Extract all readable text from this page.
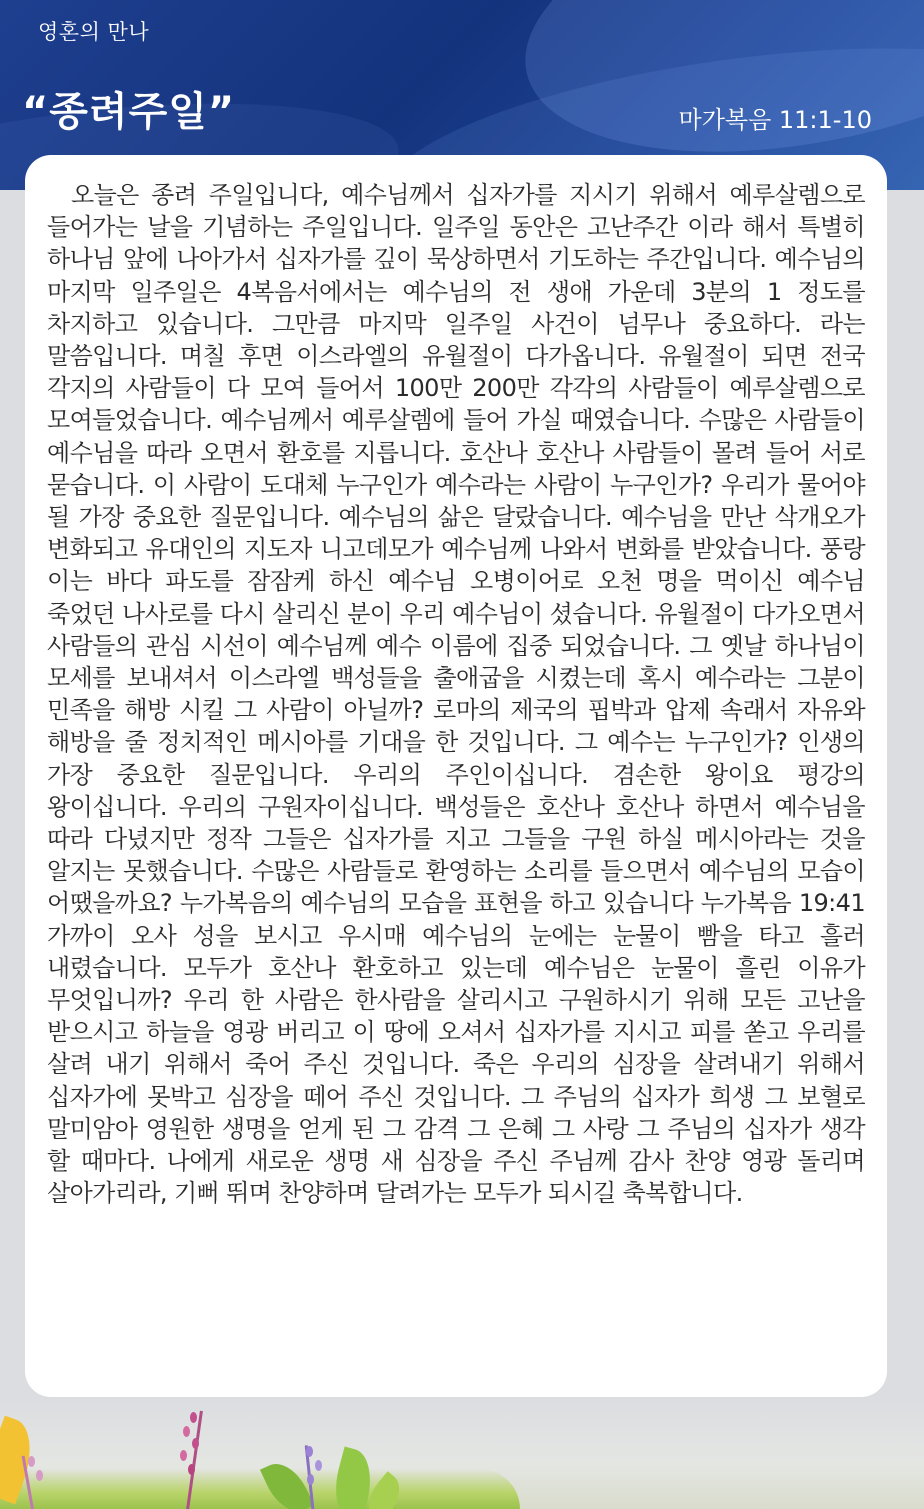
영혼의 만나
“종려주일”	마가복음 11:1-10

오늘은 종려 주일입니다, 예수님께서 십자가를 지시기 위해서 예루살렘으로 들어가는 날을 기념하는 주일입니다. 일주일 동안은 고난주간 이라 해서 특별히 하나님 앞에 나아가서 십자가를 깊이 묵상하면서 기도하는 주간입니다. 예수님의 마지막 일주일은 4복음서에서는 예수님의 전 생애 가운데 3분의 1 정도를 차지하고 있습니다. 그만큼 마지막 일주일 사건이 넘무나 중요하다. 라는 말씀입니다. 며칠 후면 이스라엘의 유월절이 다가옵니다. 유월절이 되면 전국 각지의 사람들이 다 모여 들어서 100만 200만 각각의 사람들이 예루살렘으로 모여들었습니다. 예수님께서 예루살렘에 들어 가실 때였습니다. 수많은 사람들이 예수님을 따라 오면서 환호를 지릅니다. 호산나 호산나 사람들이 몰려 들어 서로 묻습니다. 이 사람이 도대체 누구인가 예수라는 사람이 누구인가? 우리가 물어야 될 가장 중요한 질문입니다. 예수님의 삶은 달랐습니다. 예수님을 만난 삭개오가 변화되고 유대인의 지도자 니고데모가 예수님께 나와서 변화를 받았습니다. 풍랑 이는 바다 파도를 잠잠케 하신 예수님 오병이어로 오천 명을 먹이신 예수님 죽었던 나사로를 다시 살리신 분이 우리 예수님이 셨습니다. 유월절이 다가오면서 사람들의 관심 시선이 예수님께 예수 이름에 집중 되었습니다. 그 옛날 하나님이 모세를 보내셔서 이스라엘 백성들을 출애굽을 시켰는데 혹시 예수라는 그분이 민족을 해방 시킬 그 사람이 아닐까? 로마의 제국의 핍박과 압제 속래서 자유와 해방을 줄 정치적인 메시아를 기대을 한 것입니다. 그 예수는 누구인가? 인생의 가장 중요한 질문입니다. 우리의 주인이십니다. 겸손한 왕이요 평강의 왕이십니다. 우리의 구원자이십니다. 백성들은 호산나 호산나 하면서 예수님을 따라 다녔지만 정작 그들은 십자가를 지고 그들을 구원 하실 메시아라는 것을 알지는 못했습니다. 수많은 사람들로 환영하는 소리를 들으면서 예수님의 모습이 어땠을까요? 누가복음의 예수님의 모습을 표현을 하고 있습니다 누가복음 19:41 가까이 오사 성을 보시고 우시매 예수님의 눈에는 눈물이 빰을 타고 흘러 내렸습니다. 모두가 호산나 환호하고 있는데 예수님은 눈물이 흘린 이유가 무엇입니까? 우리 한 사람은 한사람을 살리시고 구원하시기 위해 모든 고난을 받으시고 하늘을 영광 버리고 이 땅에 오셔서 십자가를 지시고 피를 쏟고 우리를 살려 내기 위해서 죽어 주신 것입니다. 죽은 우리의 심장을 살려내기 위해서 십자가에 못박고 심장을 떼어 주신 것입니다. 그 주님의 십자가 희생 그 보혈로 말미암아 영원한 생명을 얻게 된 그 감격 그 은혜 그 사랑 그 주님의 십자가 생각 할 때마다. 나에게 새로운 생명 새 심장을 주신 주님께 감사 찬양 영광 돌리며 살아가리라, 기뻐 뛰며 찬양하며 달려가는 모두가 되시길 축복합니다.
